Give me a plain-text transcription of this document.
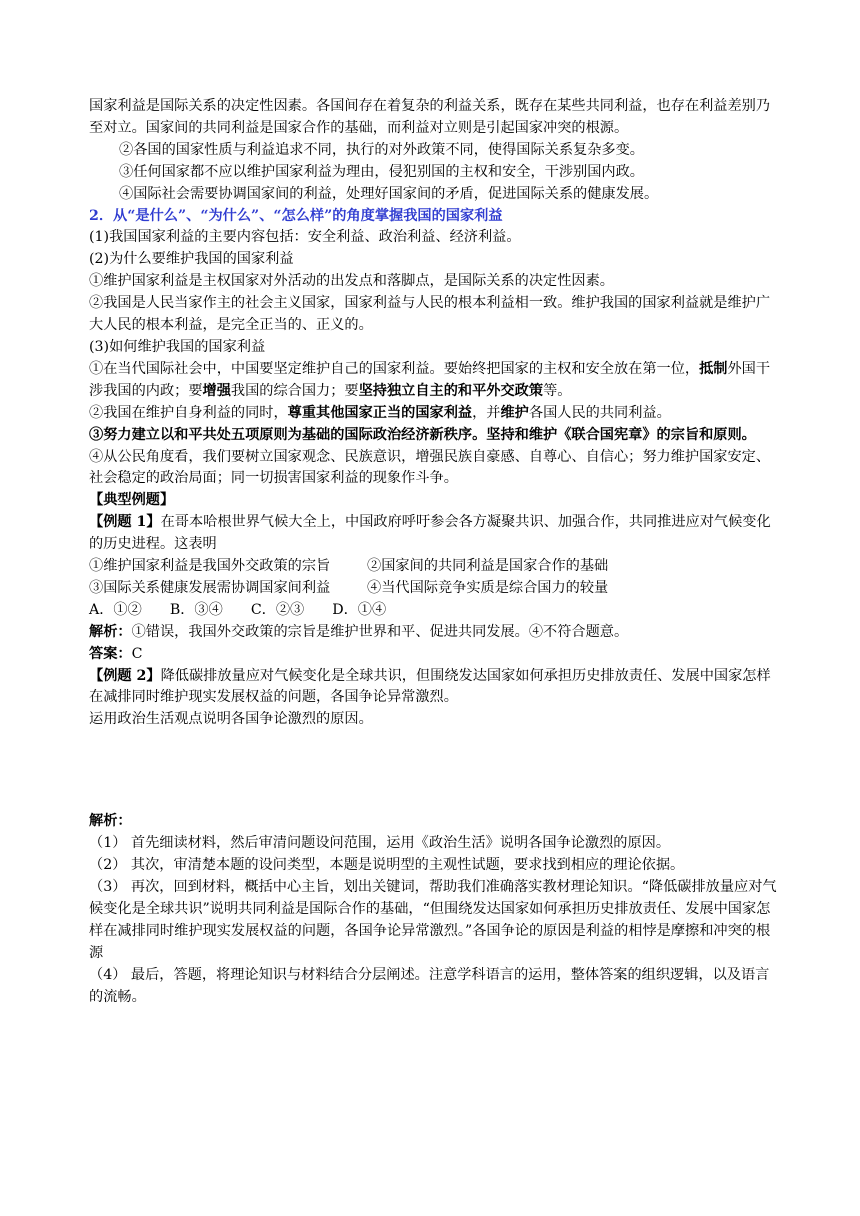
国家利益是国际关系的决定性因素。各国间存在着复杂的利益关系，既存在某些共同利益，也存在利益差别乃至对立。国家间的共同利益是国家合作的基础，而利益对立则是引起国家冲突的根源。

②各国的国家性质与利益追求不同，执行的对外政策不同，使得国际关系复杂多变。

③任何国家都不应以维护国家利益为理由，侵犯别国的主权和安全，干涉别国内政。

④国际社会需要协调国家间的利益，处理好国家间的矛盾，促进国际关系的健康发展。

2．从“是什么”、“为什么”、“怎么样”的角度掌握我国的国家利益

(1)我国国家利益的主要内容包括：安全利益、政治利益、经济利益。

(2)为什么要维护我国的国家利益

①维护国家利益是主权国家对外活动的出发点和落脚点，是国际关系的决定性因素。

②我国是人民当家作主的社会主义国家，国家利益与人民的根本利益相一致。维护我国的国家利益就是维护广大人民的根本利益，是完全正当的、正义的。

(3)如何维护我国的国家利益

①在当代国际社会中，中国要坚定维护自己的国家利益。要始终把国家的主权和安全放在第一位，抵制外国干涉我国的内政；要增强我国的综合国力；要坚持独立自主的和平外交政策等。

②我国在维护自身利益的同时，尊重其他国家正当的国家利益，并维护各国人民的共同利益。

③努力建立以和平共处五项原则为基础的国际政治经济新秩序。坚持和维护《联合国宪章》的宗旨和原则。

④从公民角度看，我们要树立国家观念、民族意识，增强民族自豪感、自尊心、自信心；努力维护国家安定、社会稳定的政治局面；同一切损害国家利益的现象作斗争。

【典型例题】

【例题 1】在哥本哈根世界气候大全上，中国政府呼吁参会各方凝聚共识、加强合作，共同推进应对气候变化的历史进程。这表明

①维护国家利益是我国外交政策的宗旨	②国家间的共同利益是国家合作的基础
③国际关系健康发展需协调国家间利益	④当代国际竞争实质是综合国力的较量

A．①② B．③④ C．②③ D．①④

解析：①错误，我国外交政策的宗旨是维护世界和平、促进共同发展。④不符合题意。

答案：C

【例题 2】降低碳排放量应对气候变化是全球共识，但围绕发达国家如何承担历史排放责任、发展中国家怎样在减排同时维护现实发展权益的问题，各国争论异常激烈。

运用政治生活观点说明各国争论激烈的原因。

解析：

（1） 首先细读材料，然后审清问题设问范围，运用《政治生活》说明各国争论激烈的原因。

（2） 其次，审清楚本题的设问类型，本题是说明型的主观性试题，要求找到相应的理论依据。

（3） 再次，回到材料，概括中心主旨，划出关键词，帮助我们准确落实教材理论知识。“降低碳排放量应对气候变化是全球共识”说明共同利益是国际合作的基础，“但围绕发达国家如何承担历史排放责任、发展中国家怎样在减排同时维护现实发展权益的问题，各国争论异常激烈。”各国争论的原因是利益的相悖是摩擦和冲突的根源

（4） 最后，答题，将理论知识与材料结合分层阐述。注意学科语言的运用，整体答案的组织逻辑，以及语言的流畅。
